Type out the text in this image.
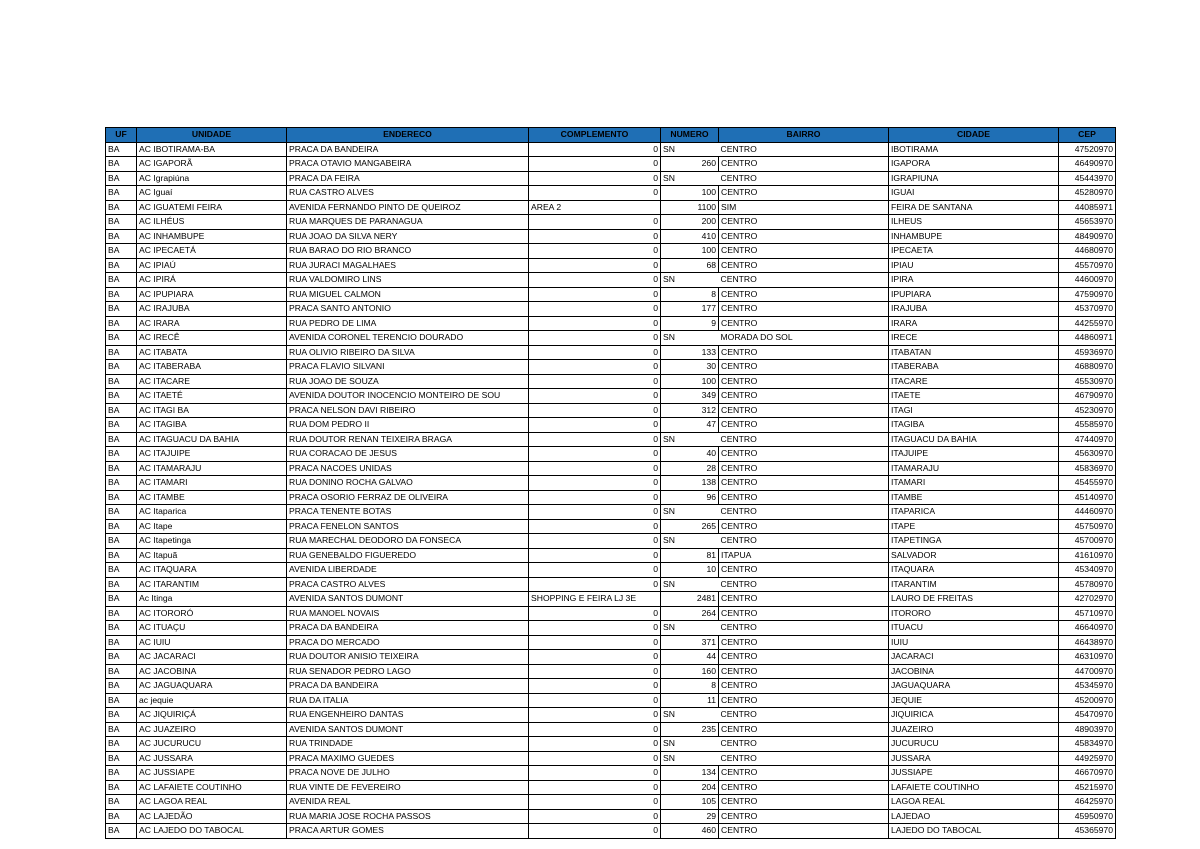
UF	UNIDADE	ENDERECO	COMPLEMENTO	NUMERO	BAIRRO	CIDADE	CEP
BA	AC IBOTIRAMA-BA	PRACA DA BANDEIRA	0	SN	CENTRO	IBOTIRAMA	47520970
BA	AC IGAPORÃ	PRACA OTAVIO MANGABEIRA	0	260	CENTRO	IGAPORA	46490970
BA	AC Igrapiúna	PRACA DA FEIRA	0	SN	CENTRO	IGRAPIUNA	45443970
BA	AC Iguaí	RUA CASTRO ALVES	0	100	CENTRO	IGUAI	45280970
BA	AC IGUATEMI FEIRA	AVENIDA FERNANDO PINTO DE QUEIROZ	AREA 2	1100	SIM	FEIRA DE SANTANA	44085971
BA	AC ILHÉUS	RUA MARQUES DE PARANAGUA	0	200	CENTRO	ILHEUS	45653970
BA	AC INHAMBUPE	RUA JOAO DA SILVA NERY	0	410	CENTRO	INHAMBUPE	48490970
BA	AC IPECAETÁ	RUA BARAO DO RIO BRANCO	0	100	CENTRO	IPECAETA	44680970
BA	AC IPIAÚ	RUA JURACI MAGALHAES	0	68	CENTRO	IPIAU	45570970
BA	AC IPIRÁ	RUA VALDOMIRO LINS	0	SN	CENTRO	IPIRA	44600970
BA	AC IPUPIARA	RUA MIGUEL CALMON	0	8	CENTRO	IPUPIARA	47590970
BA	AC IRAJUBA	PRACA SANTO ANTONIO	0	177	CENTRO	IRAJUBA	45370970
BA	AC IRARA	RUA PEDRO DE LIMA	0	9	CENTRO	IRARA	44255970
BA	AC IRECÊ	AVENIDA CORONEL TERENCIO DOURADO	0	SN	MORADA DO SOL	IRECE	44860971
BA	AC ITABATA	RUA OLIVIO RIBEIRO DA SILVA	0	133	CENTRO	ITABATAN	45936970
BA	AC ITABERABA	PRACA FLAVIO SILVANI	0	30	CENTRO	ITABERABA	46880970
BA	AC ITACARE	RUA JOAO DE SOUZA	0	100	CENTRO	ITACARE	45530970
BA	AC ITAETÉ	AVENIDA DOUTOR INOCENCIO MONTEIRO DE SOU	0	349	CENTRO	ITAETE	46790970
BA	AC ITAGI BA	PRACA NELSON DAVI RIBEIRO	0	312	CENTRO	ITAGI	45230970
BA	AC ITAGIBA	RUA DOM PEDRO II	0	47	CENTRO	ITAGIBA	45585970
BA	AC ITAGUACU DA BAHIA	RUA DOUTOR RENAN TEIXEIRA BRAGA	0	SN	CENTRO	ITAGUACU DA BAHIA	47440970
BA	AC ITAJUIPE	RUA CORACAO DE JESUS	0	40	CENTRO	ITAJUIPE	45630970
BA	AC ITAMARAJU	PRACA NACOES UNIDAS	0	28	CENTRO	ITAMARAJU	45836970
BA	AC ITAMARI	RUA DONINO ROCHA GALVAO	0	138	CENTRO	ITAMARI	45455970
BA	AC ITAMBE	PRACA OSORIO FERRAZ DE OLIVEIRA	0	96	CENTRO	ITAMBE	45140970
BA	AC Itaparica	PRACA TENENTE BOTAS	0	SN	CENTRO	ITAPARICA	44460970
BA	AC Itape	PRACA FENELON SANTOS	0	265	CENTRO	ITAPE	45750970
BA	AC Itapetinga	RUA MARECHAL DEODORO DA FONSECA	0	SN	CENTRO	ITAPETINGA	45700970
BA	AC Itapuã	RUA GENEBALDO FIGUEREDO	0	81	ITAPUA	SALVADOR	41610970
BA	AC ITAQUARA	AVENIDA LIBERDADE	0	10	CENTRO	ITAQUARA	45340970
BA	AC ITARANTIM	PRACA CASTRO ALVES	0	SN	CENTRO	ITARANTIM	45780970
BA	Ac Itinga	AVENIDA SANTOS DUMONT	SHOPPING E FEIRA LJ 3E	2481	CENTRO	LAURO DE FREITAS	42702970
BA	AC ITORORÓ	RUA MANOEL NOVAIS	0	264	CENTRO	ITORORO	45710970
BA	AC ITUAÇU	PRACA DA BANDEIRA	0	SN	CENTRO	ITUACU	46640970
BA	AC IUIU	PRACA DO MERCADO	0	371	CENTRO	IUIU	46438970
BA	AC JACARACI	RUA DOUTOR ANISIO TEIXEIRA	0	44	CENTRO	JACARACI	46310970
BA	AC JACOBINA	RUA SENADOR PEDRO LAGO	0	160	CENTRO	JACOBINA	44700970
BA	AC JAGUAQUARA	PRACA DA BANDEIRA	0	8	CENTRO	JAGUAQUARA	45345970
BA	ac jequie	RUA DA ITALIA	0	11	CENTRO	JEQUIE	45200970
BA	AC JIQUIRIÇÁ	RUA ENGENHEIRO DANTAS	0	SN	CENTRO	JIQUIRICA	45470970
BA	AC JUAZEIRO	AVENIDA SANTOS DUMONT	0	235	CENTRO	JUAZEIRO	48903970
BA	AC JUCURUCU	RUA TRINDADE	0	SN	CENTRO	JUCURUCU	45834970
BA	AC JUSSARA	PRACA MAXIMO GUEDES	0	SN	CENTRO	JUSSARA	44925970
BA	AC JUSSIAPE	PRACA NOVE DE JULHO	0	134	CENTRO	JUSSIAPE	46670970
BA	AC LAFAIETE COUTINHO	RUA VINTE DE FEVEREIRO	0	204	CENTRO	LAFAIETE COUTINHO	45215970
BA	AC LAGOA REAL	AVENIDA REAL	0	105	CENTRO	LAGOA REAL	46425970
BA	AC LAJEDÃO	RUA MARIA JOSE ROCHA PASSOS	0	29	CENTRO	LAJEDAO	45950970
BA	AC LAJEDO DO TABOCAL	PRACA ARTUR GOMES	0	460	CENTRO	LAJEDO DO TABOCAL	45365970
